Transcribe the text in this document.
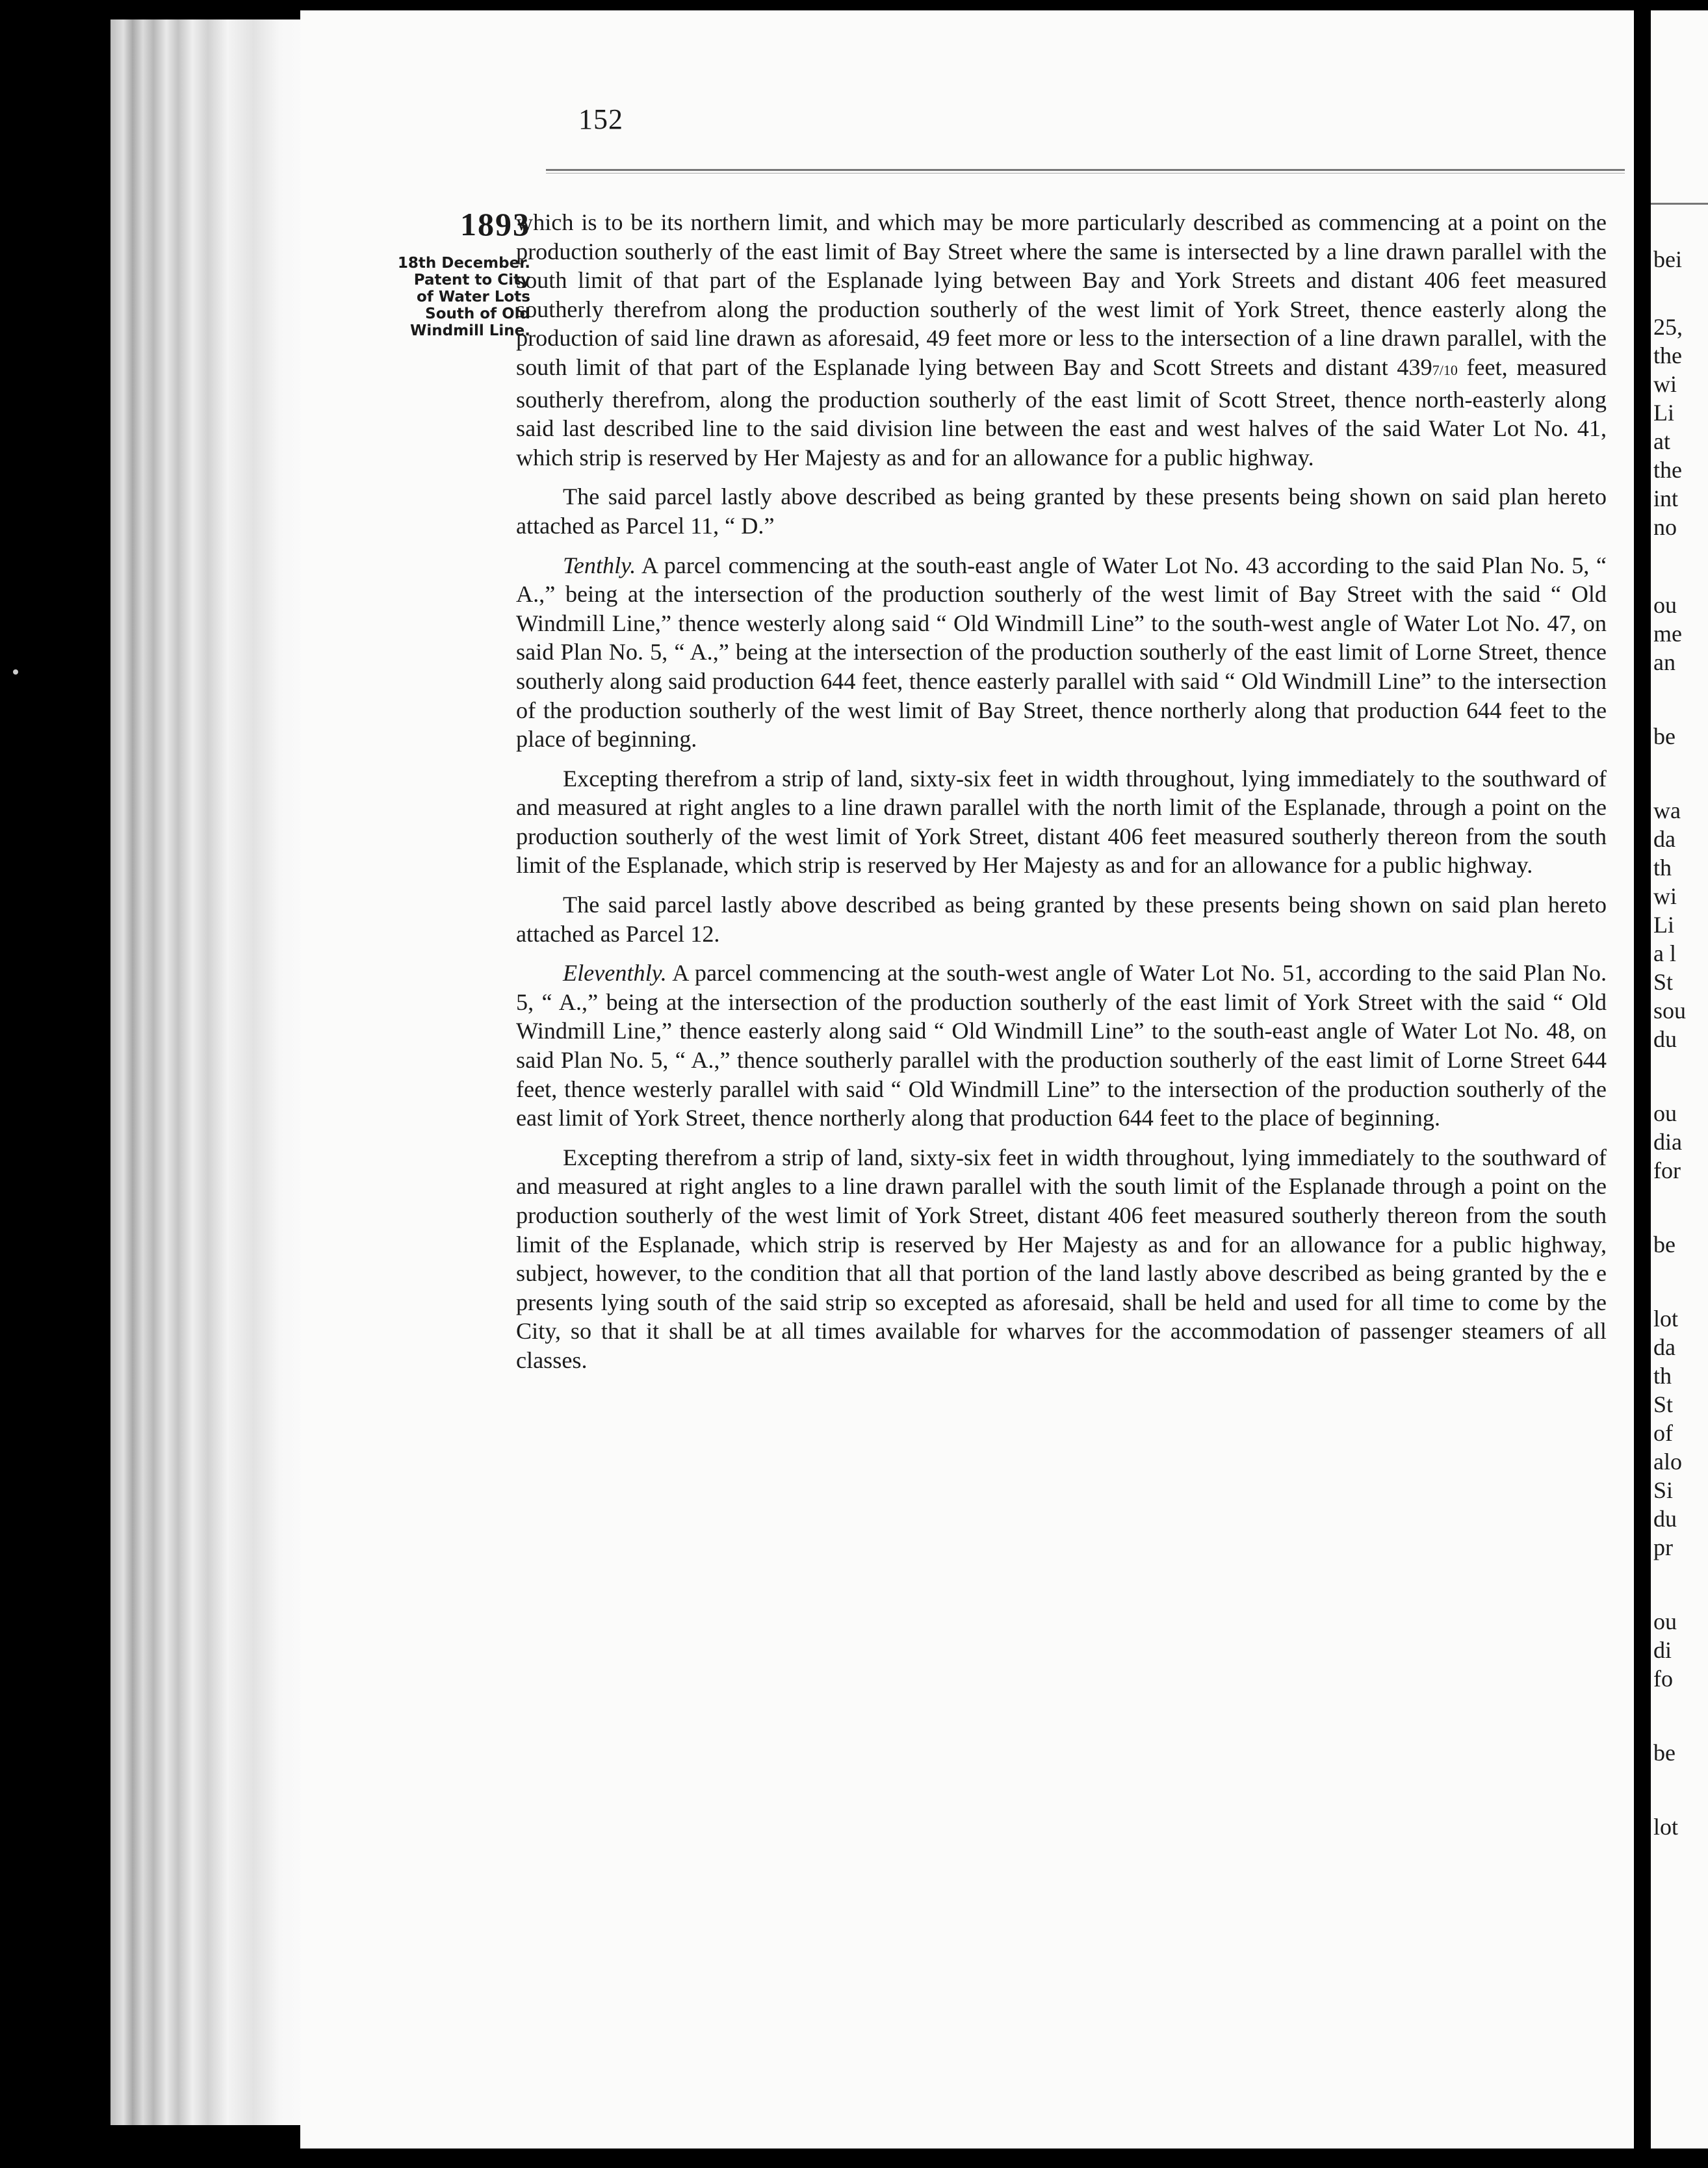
152
1893
18th December.
Patent to City
of Water Lots
South of Old
Windmill Line.

which is to be its northern limit, and which may be more particularly described as commencing at a point on the production southerly of the east limit of Bay Street where the same is intersected by a line drawn parallel with the south limit of that part of the Esplanade lying between Bay and York Streets and distant 406 feet measured southerly therefrom along the production southerly of the west limit of York Street, thence easterly along the production of said line drawn as aforesaid, 49 feet more or less to the intersection of a line drawn parallel, with the south limit of that part of the Esplanade lying between Bay and Scott Streets and distant 4397/10 feet, measured southerly therefrom, along the production southerly of the east limit of Scott Street, thence north-easterly along said last described line to the said division line between the east and west halves of the said Water Lot No. 41, which strip is reserved by Her Majesty as and for an allowance for a public highway.

The said parcel lastly above described as being granted by these presents being shown on said plan hereto attached as Parcel 11, “ D.”

Tenthly. A parcel commencing at the south-east angle of Water Lot No. 43 according to the said Plan No. 5, “ A.,” being at the intersection of the production southerly of the west limit of Bay Street with the said “ Old Windmill Line,” thence westerly along said “ Old Windmill Line” to the south-west angle of Water Lot No. 47, on said Plan No. 5, “ A.,” being at the intersection of the production southerly of the east limit of Lorne Street, thence southerly along said production 644 feet, thence easterly parallel with said “ Old Windmill Line” to the intersection of the production southerly of the west limit of Bay Street, thence northerly along that production 644 feet to the place of beginning.

Excepting therefrom a strip of land, sixty-six feet in width throughout, lying immediately to the southward of and measured at right angles to a line drawn parallel with the north limit of the Esplanade, through a point on the production southerly of the west limit of York Street, distant 406 feet measured southerly thereon from the south limit of the Esplanade, which strip is reserved by Her Majesty as and for an allowance for a public highway.

The said parcel lastly above described as being granted by these presents being shown on said plan hereto attached as Parcel 12.

Eleventhly. A parcel commencing at the south-west angle of Water Lot No. 51, according to the said Plan No. 5, “ A.,” being at the intersection of the production southerly of the east limit of York Street with the said “ Old Windmill Line,” thence easterly along said “ Old Windmill Line” to the south-east angle of Water Lot No. 48, on said Plan No. 5, “ A.,” thence southerly parallel with the production southerly of the east limit of Lorne Street 644 feet, thence westerly parallel with said “ Old Windmill Line” to the intersection of the production southerly of the east limit of York Street, thence northerly along that production 644 feet to the place of beginning.

Excepting therefrom a strip of land, sixty-six feet in width throughout, lying immediately to the southward of and measured at right angles to a line drawn parallel with the south limit of the Esplanade through a point on the production southerly of the west limit of York Street, distant 406 feet measured southerly thereon from the south limit of the Esplanade, which strip is reserved by Her Majesty as and for an allowance for a public highway, subject, however, to the condition that all that portion of the land lastly above described as being granted by the e presents lying south of the said strip so excepted as aforesaid, shall be held and used for all time to come by the City, so that it shall be at all times available for wharves for the accommodation of passenger steamers of all classes.

bei
25,
the
wi
Li
at
the
int
no
ou
me
an
be
wa
da
th
wi
Li
a l
St
sou
du
ou
dia
for
be
lot
da
th
St
of
alo
Si
du
pr
ou
di
fo
be
lot
